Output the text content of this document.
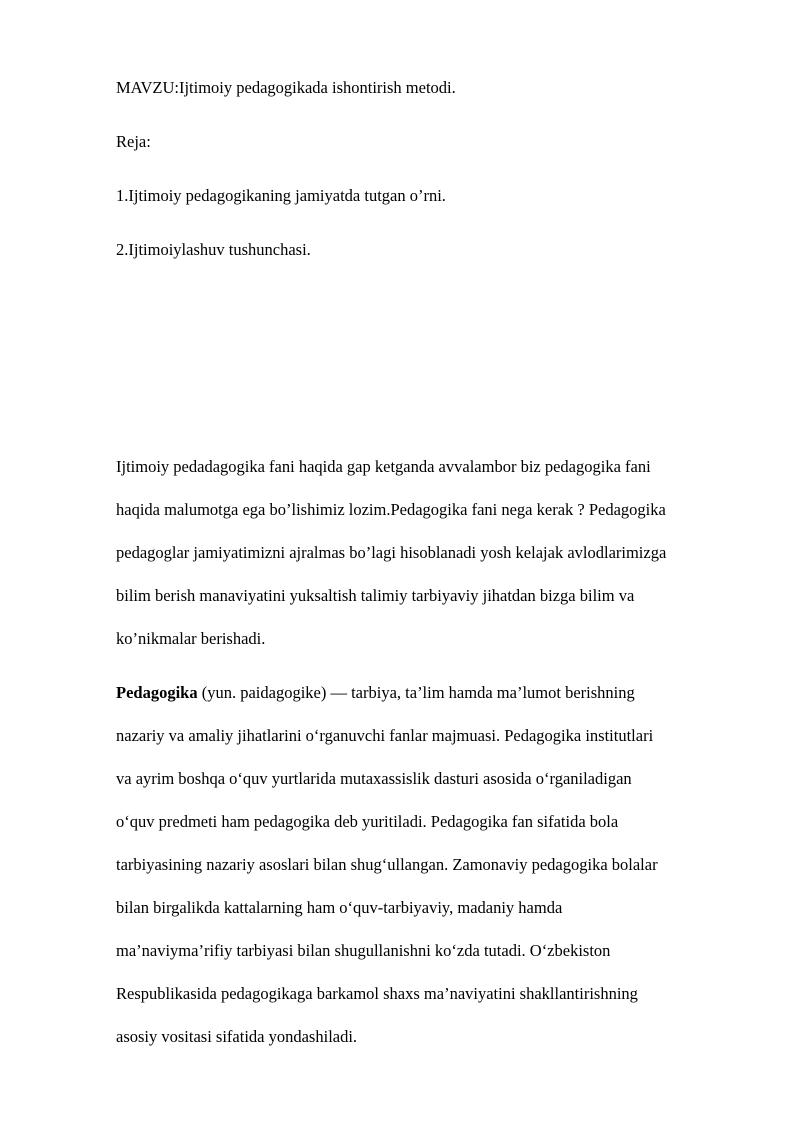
MAVZU:Ijtimoiy pedagogikada ishontirish metodi.

Reja:

1.Ijtimoiy pedagogikaning jamiyatda tutgan o’rni.

2.Ijtimoiylashuv tushunchasi.

Ijtimoiy pedadagogika fani haqida gap ketganda avvalambor biz pedagogika fani
haqida malumotga ega bo’lishimiz lozim.Pedagogika fani nega kerak ? Pedagogika
pedagoglar jamiyatimizni ajralmas bo’lagi hisoblanadi yosh kelajak avlodlarimizga
bilim berish manaviyatini yuksaltish talimiy tarbiyaviy jihatdan bizga bilim va
ko’nikmalar berishadi.
Pedagogika (yun. paidagogike) — tarbiya, ta’lim hamda ma’lumot berishning
nazariy va amaliy jihatlarini o‘rganuvchi fanlar majmuasi. Pedagogika institutlari
va ayrim boshqa o‘quv yurtlarida mutaxassislik dasturi asosida o‘rganiladigan
o‘quv predmeti ham pedagogika deb yuritiladi. Pedagogika fan sifatida bola
tarbiyasining nazariy asoslari bilan shug‘ullangan. Zamonaviy pedagogika bolalar
bilan birgalikda kattalarning ham o‘quv-tarbiyaviy, madaniy hamda
ma’naviyma’rifiy tarbiyasi bilan shugullanishni ko‘zda tutadi. O‘zbekiston
Respublikasida pedagogikaga barkamol shaxs ma’naviyatini shakllantirishning
asosiy vositasi sifatida yondashiladi.
